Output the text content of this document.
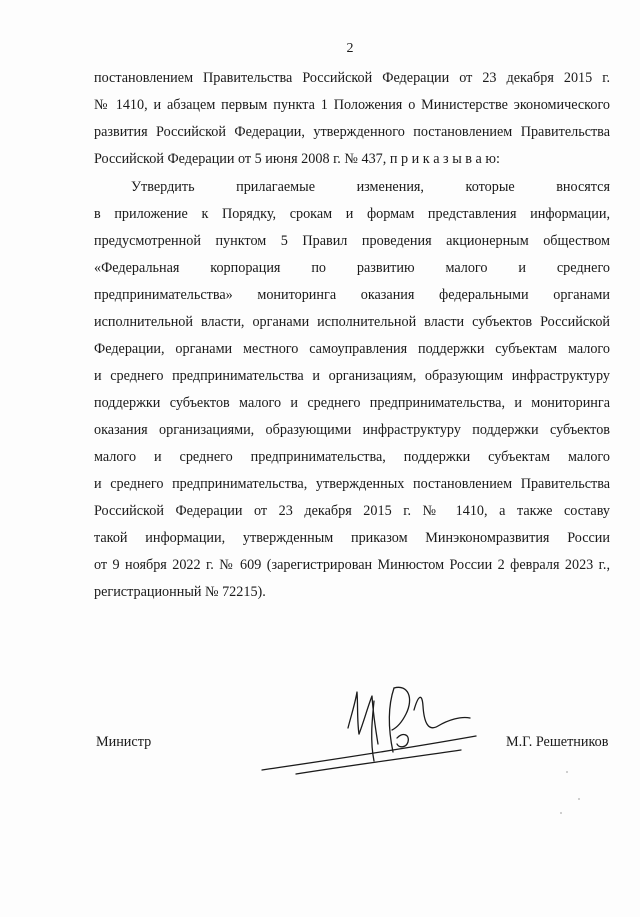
2
постановлением Правительства Российской Федерации от 23 декабря 2015 г.
№ 1410, и абзацем первым пункта 1 Положения о Министерстве экономического
развития Российской Федерации, утвержденного постановлением Правительства
Российской Федерации от 5 июня 2008 г. № 437, п р и к а з ы в а ю:
Утвердить прилагаемые изменения, которые вносятся
в приложение к Порядку, срокам и формам представления информации,
предусмотренной пунктом 5 Правил проведения акционерным обществом
«Федеральная корпорация по развитию малого и среднего
предпринимательства» мониторинга оказания федеральными органами
исполнительной власти, органами исполнительной власти субъектов Российской
Федерации, органами местного самоуправления поддержки субъектам малого
и среднего предпринимательства и организациям, образующим инфраструктуру
поддержки субъектов малого и среднего предпринимательства, и мониторинга
оказания организациями, образующими инфраструктуру поддержки субъектов
малого и среднего предпринимательства, поддержки субъектам малого
и среднего предпринимательства, утвержденных постановлением Правительства
Российской Федерации от 23 декабря 2015 г. № 1410, а также составу
такой информации, утвержденным приказом Минэкономразвития России
от 9 ноября 2022 г. № 609 (зарегистрирован Минюстом России 2 февраля 2023 г.,
регистрационный № 72215).
Министр	М.Г. Решетников
